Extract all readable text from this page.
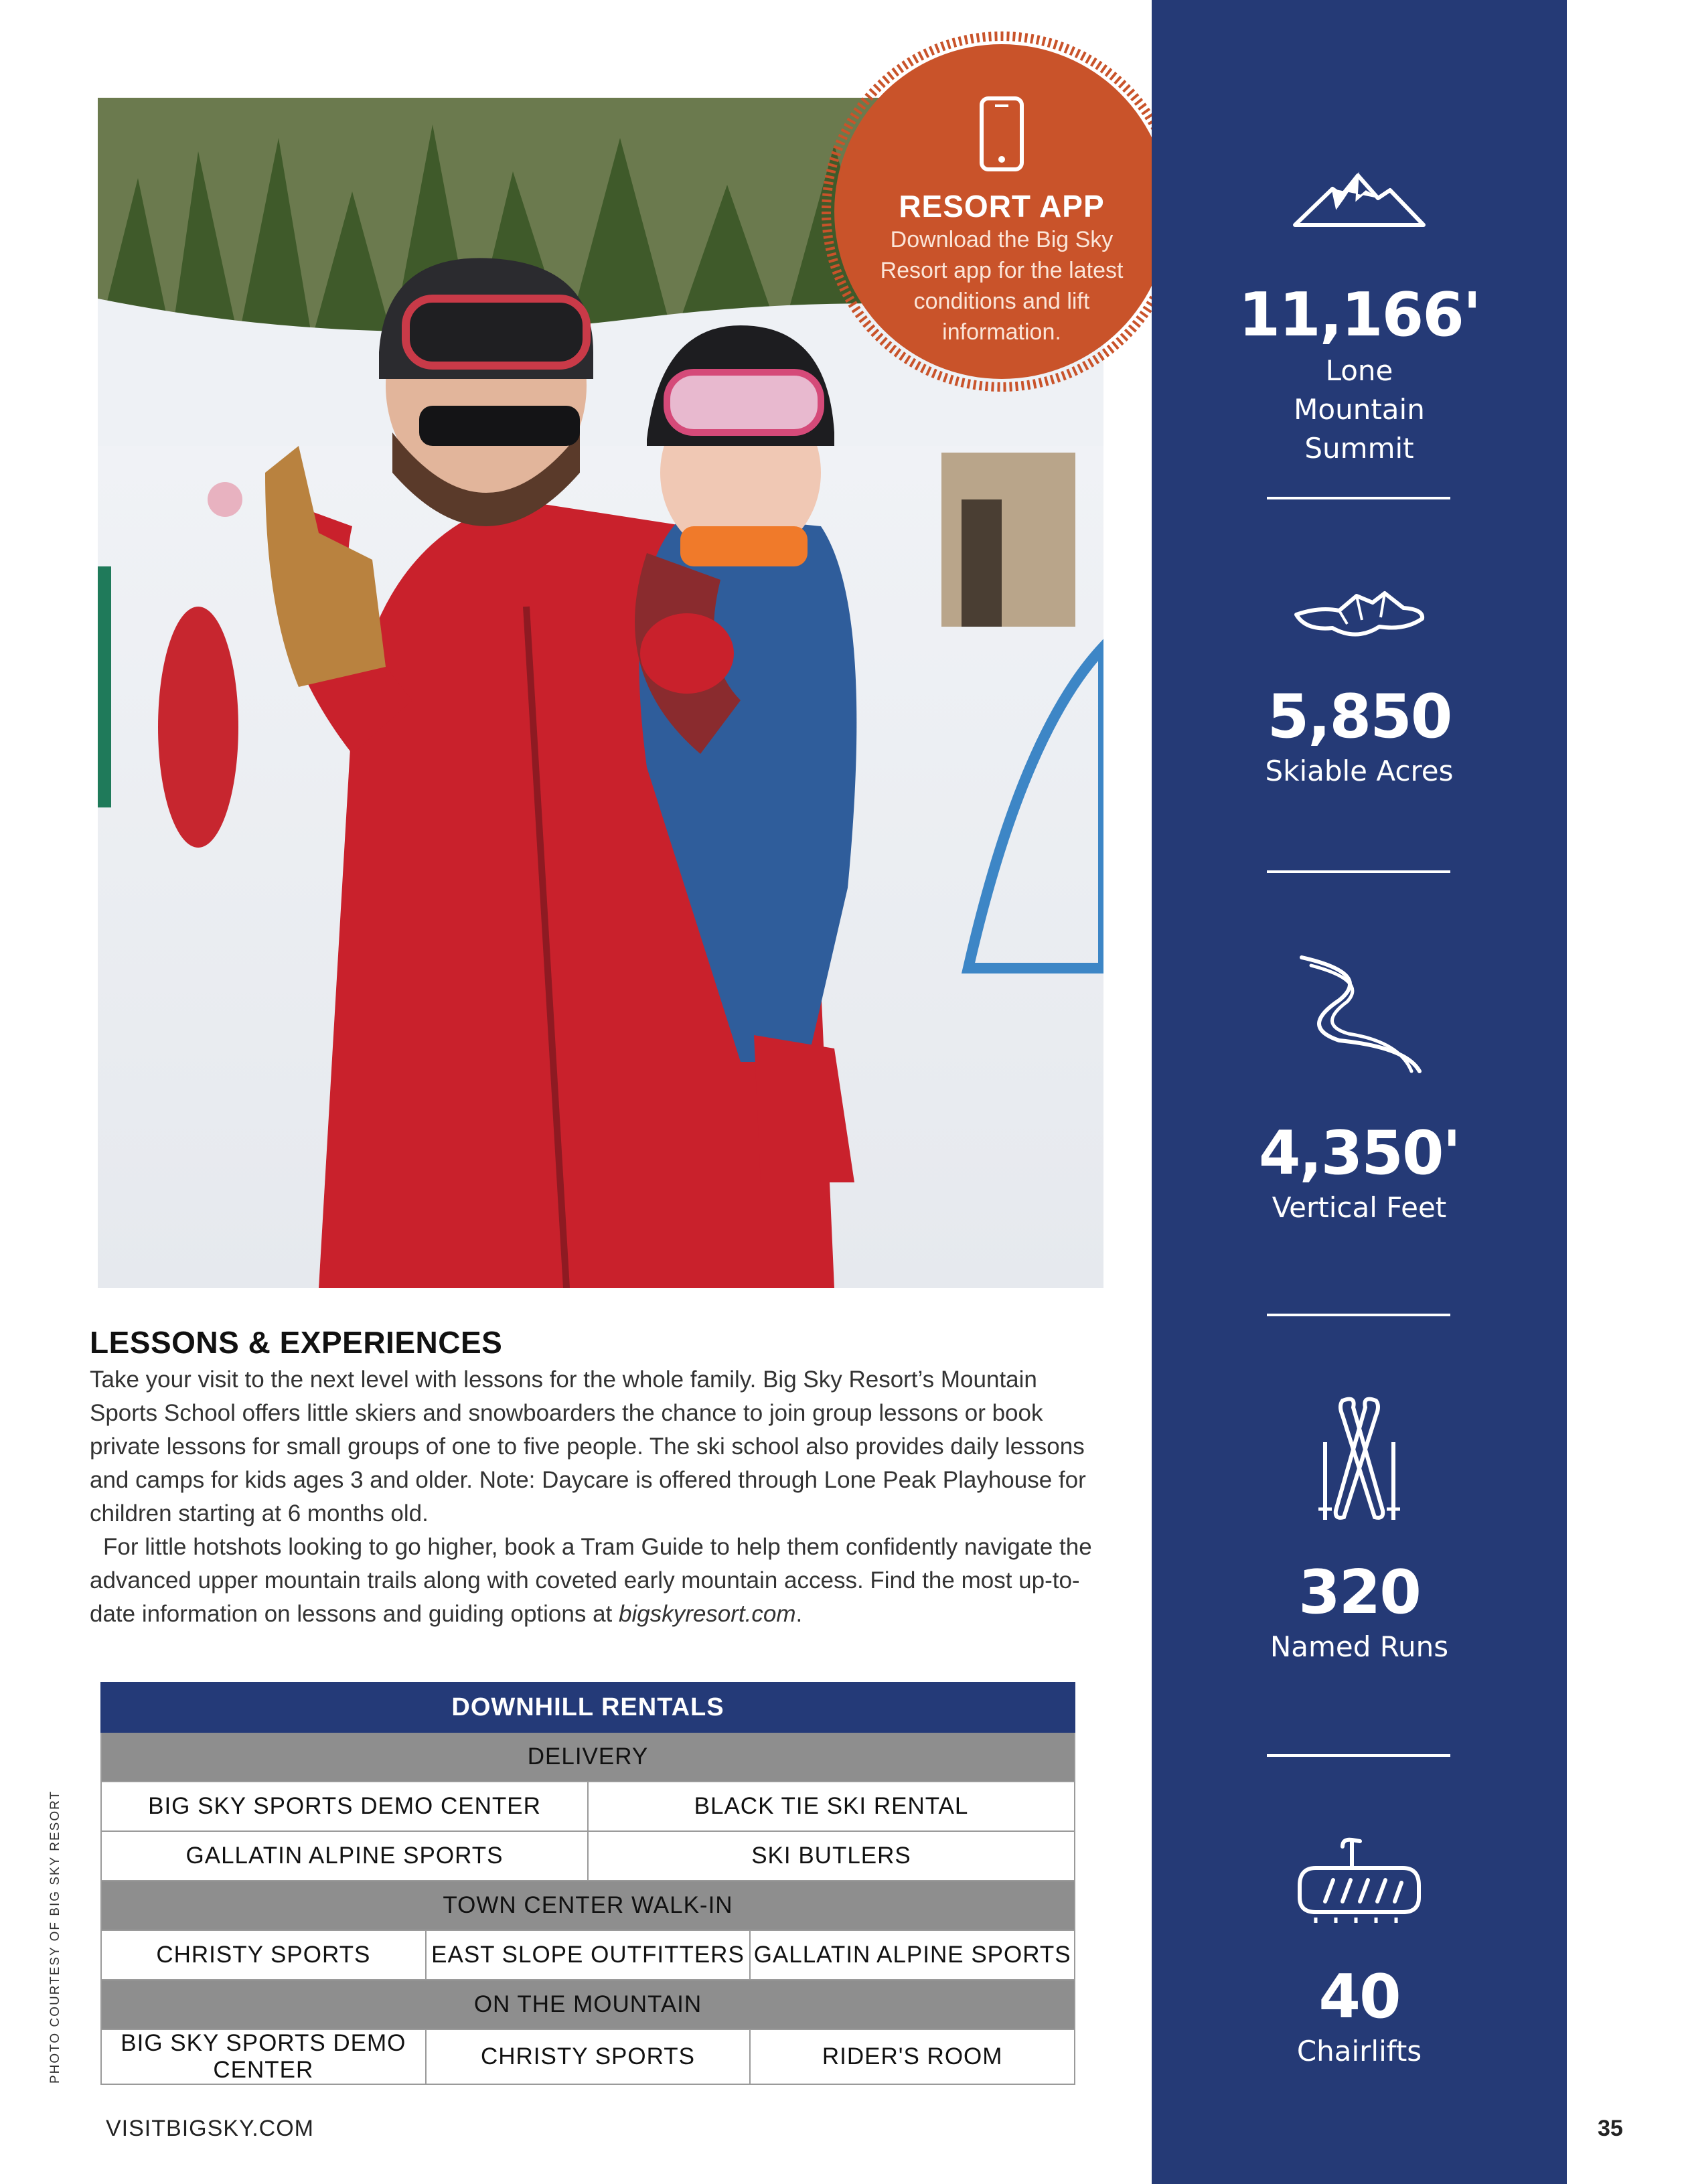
RESORT APP
Download the Big Sky Resort app for the latest conditions and lift information.
LESSONS & EXPERIENCES

Take your visit to the next level with lessons for the whole family. Big Sky Resort’s Mountain Sports School offers little skiers and snowboarders the chance to join group lessons or book private lessons for small groups of one to five people. The ski school also provides daily lessons and camps for kids ages 3 and older. Note: Daycare is offered through Lone Peak Playhouse for children starting at 6 months old.

For little hotshots looking to go higher, book a Tram Guide to help them confidently navigate the advanced upper mountain trails along with coveted early mountain access. Find the most up-to-date information on lessons and guiding options at bigskyresort.com.

DOWNHILL RENTALS			
DELIVERY			
BIG SKY SPORTS DEMO CENTER		BLACK TIE SKI RENTAL	
GALLATIN ALPINE SPORTS		SKI BUTLERS	
TOWN CENTER WALK-IN			
CHRISTY SPORTS	EAST SLOPE OUTFITTERS		GALLATIN ALPINE SPORTS
ON THE MOUNTAIN			
BIG SKY SPORTS DEMO CENTER	CHRISTY SPORTS		RIDER'S ROOM
PHOTO COURTESY OF BIG SKY RESORT
VISITBIGSKY.COM	35
11,166'
Lone Mountain Summit
5,850
Skiable Acres
4,350'
Vertical Feet
320
Named Runs
40
Chairlifts
